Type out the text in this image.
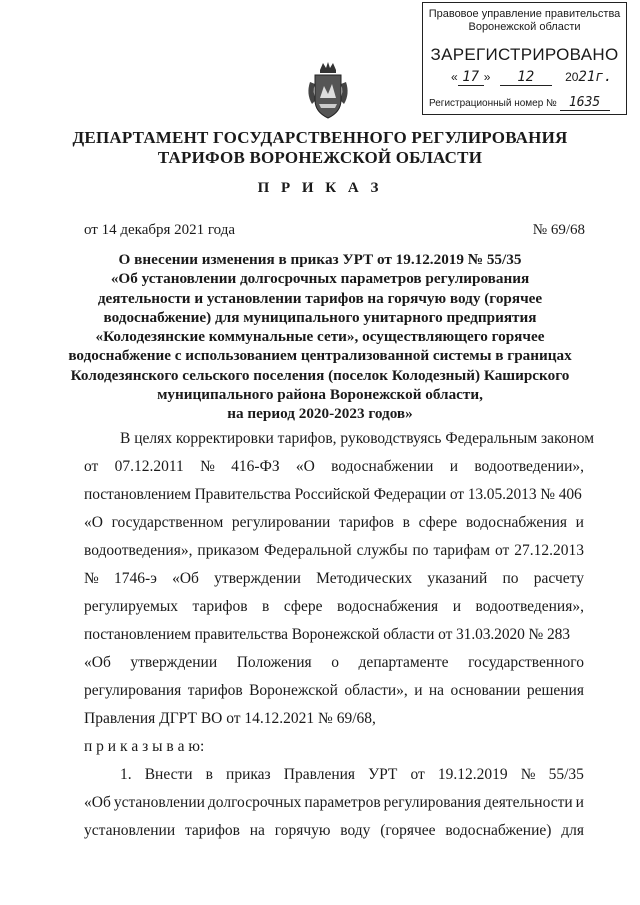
Правовое управление правительства
Воронежской области
ЗАРЕГИСТРИРОВАНО
« 17 » 12	2021г.
Регистрационный номер № 1635
ДЕПАРТАМЕНТ ГОСУДАРСТВЕННОГО РЕГУЛИРОВАНИЯ
ТАРИФОВ ВОРОНЕЖСКОЙ ОБЛАСТИ
П Р И К А З
от 14 декабря 2021 года	№ 69/68
О внесении изменения в приказ УРТ от 19.12.2019 № 55/35
«Об установлении долгосрочных параметров регулирования
деятельности и установлении тарифов на горячую воду (горячее
водоснабжение) для муниципального унитарного предприятия
«Колодезянские коммунальные сети», осуществляющего горячее
водоснабжение с использованием централизованной системы в границах
Колодезянского сельского поселения (поселок Колодезный) Каширского
муниципального района Воронежской области,
на период 2020-2023 годов»
В целях корректировки тарифов, руководствуясь Федеральным законом
от 07.12.2011 № 416-ФЗ «О водоснабжении и водоотведении»,
постановлением Правительства Российской Федерации от 13.05.2013 № 406
«О государственном регулировании тарифов в сфере водоснабжения и
водоотведения», приказом Федеральной службы по тарифам от 27.12.2013
№ 1746-э «Об утверждении Методических указаний по расчету
регулируемых тарифов в сфере водоснабжения и водоотведения»,
постановлением правительства Воронежской области от 31.03.2020 № 283
«Об утверждении Положения о департаменте государственного
регулирования тарифов Воронежской области», и на основании решения
Правления ДГРТ ВО от 14.12.2021 № 69/68,
п р и к а з ы в а ю:
1. Внести в приказ Правления УРТ от 19.12.2019 № 55/35
«Об установлении долгосрочных параметров регулирования деятельности и
установлении тарифов на горячую воду (горячее водоснабжение) для
